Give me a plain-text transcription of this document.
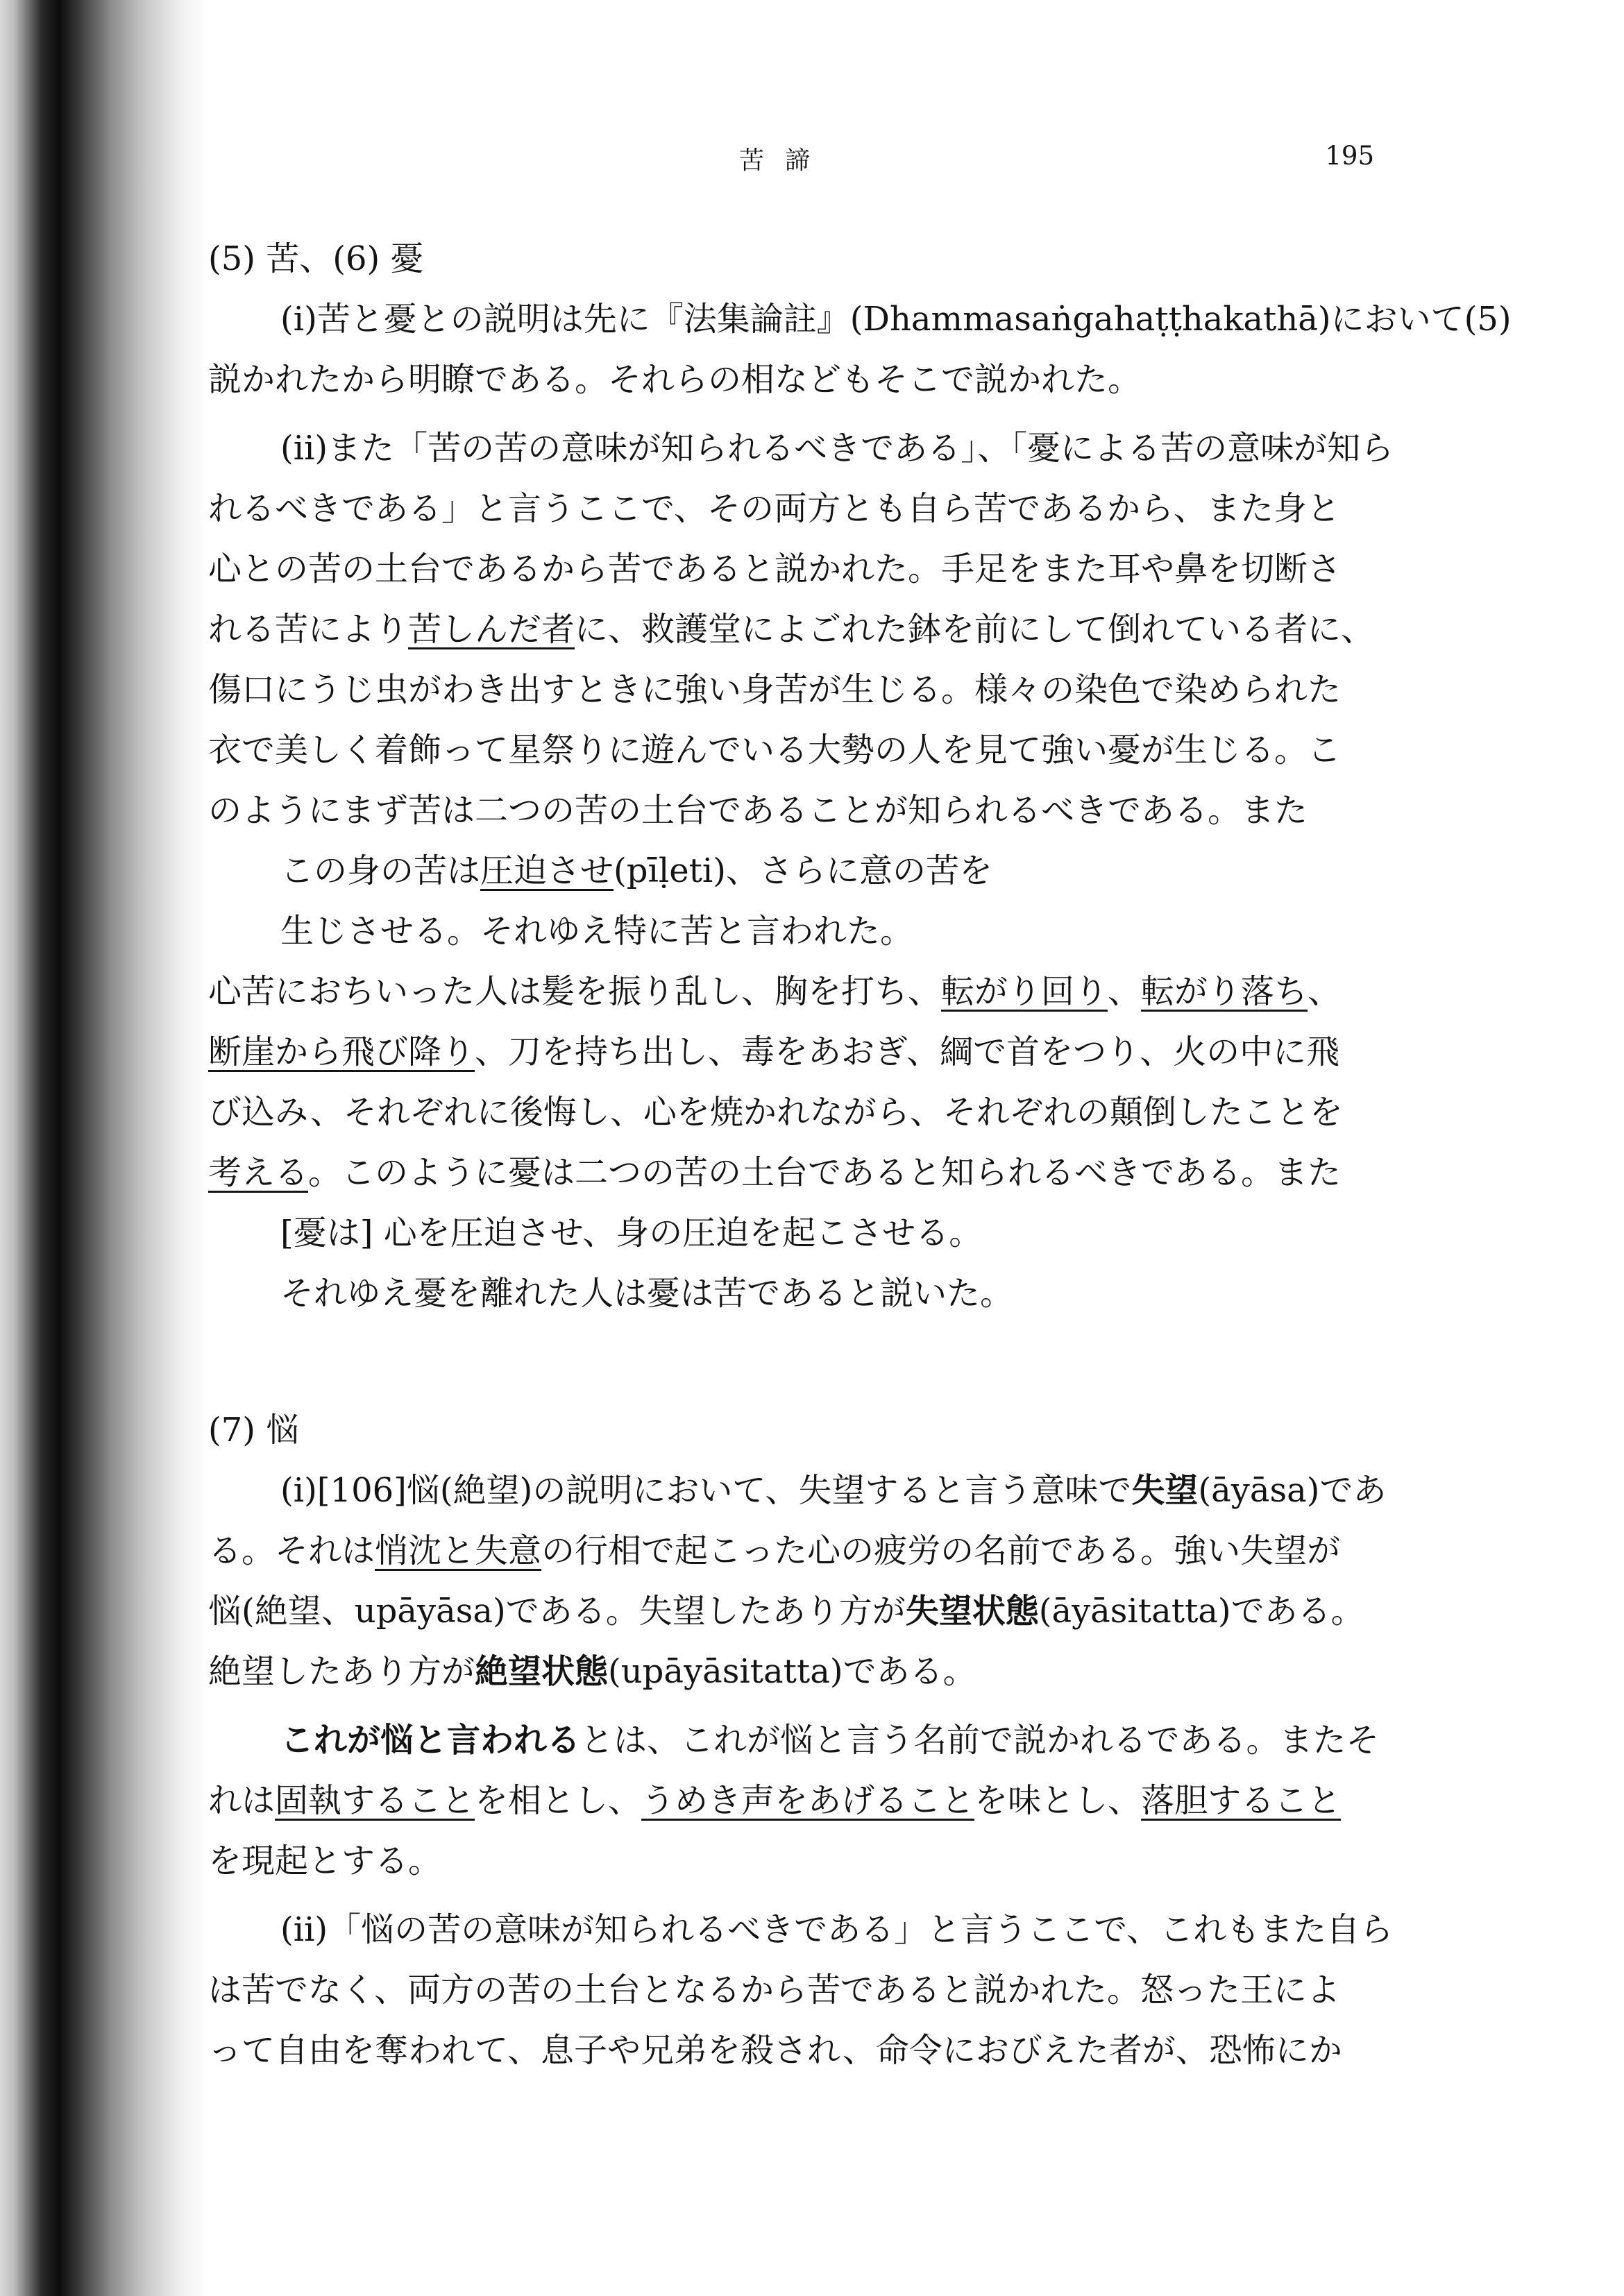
苦諦	195
(5) 苦、(6) 憂
(i)苦と憂との説明は先に『法集論註』(Dhammasaṅgahaṭṭhakathā)において(5)
説かれたから明瞭である。それらの相などもそこで説かれた。
(ii)また「苦の苦の意味が知られるべきである」、「憂による苦の意味が知ら
れるべきである」と言うここで、その両方とも自ら苦であるから、また身と
心との苦の土台であるから苦であると説かれた。手足をまた耳や鼻を切断さ
れる苦により苦しんだ者に、救護堂によごれた鉢を前にして倒れている者に、
傷口にうじ虫がわき出すときに強い身苦が生じる。様々の染色で染められた
衣で美しく着飾って星祭りに遊んでいる大勢の人を見て強い憂が生じる。こ
のようにまず苦は二つの苦の土台であることが知られるべきである。また
この身の苦は圧迫させ(pīḷeti)、さらに意の苦を
生じさせる。それゆえ特に苦と言われた。
心苦におちいった人は髪を振り乱し、胸を打ち、転がり回り、転がり落ち、
断崖から飛び降り、刀を持ち出し、毒をあおぎ、綱で首をつり、火の中に飛
び込み、それぞれに後悔し、心を焼かれながら、それぞれの顛倒したことを
考える。このように憂は二つの苦の土台であると知られるべきである。また
[憂は] 心を圧迫させ、身の圧迫を起こさせる。
それゆえ憂を離れた人は憂は苦であると説いた。
(7) 悩
(i)[106]悩(絶望)の説明において、失望すると言う意味で失望(āyāsa)であ
る。それは悄沈と失意の行相で起こった心の疲労の名前である。強い失望が
悩(絶望、upāyāsa)である。失望したあり方が失望状態(āyāsitatta)である。
絶望したあり方が絶望状態(upāyāsitatta)である。
これが悩と言われるとは、これが悩と言う名前で説かれるである。またそ
れは固執することを相とし、うめき声をあげることを味とし、落胆すること
を現起とする。
(ii)「悩の苦の意味が知られるべきである」と言うここで、これもまた自ら
は苦でなく、両方の苦の土台となるから苦であると説かれた。怒った王によ
って自由を奪われて、息子や兄弟を殺され、命令におびえた者が、恐怖にか
